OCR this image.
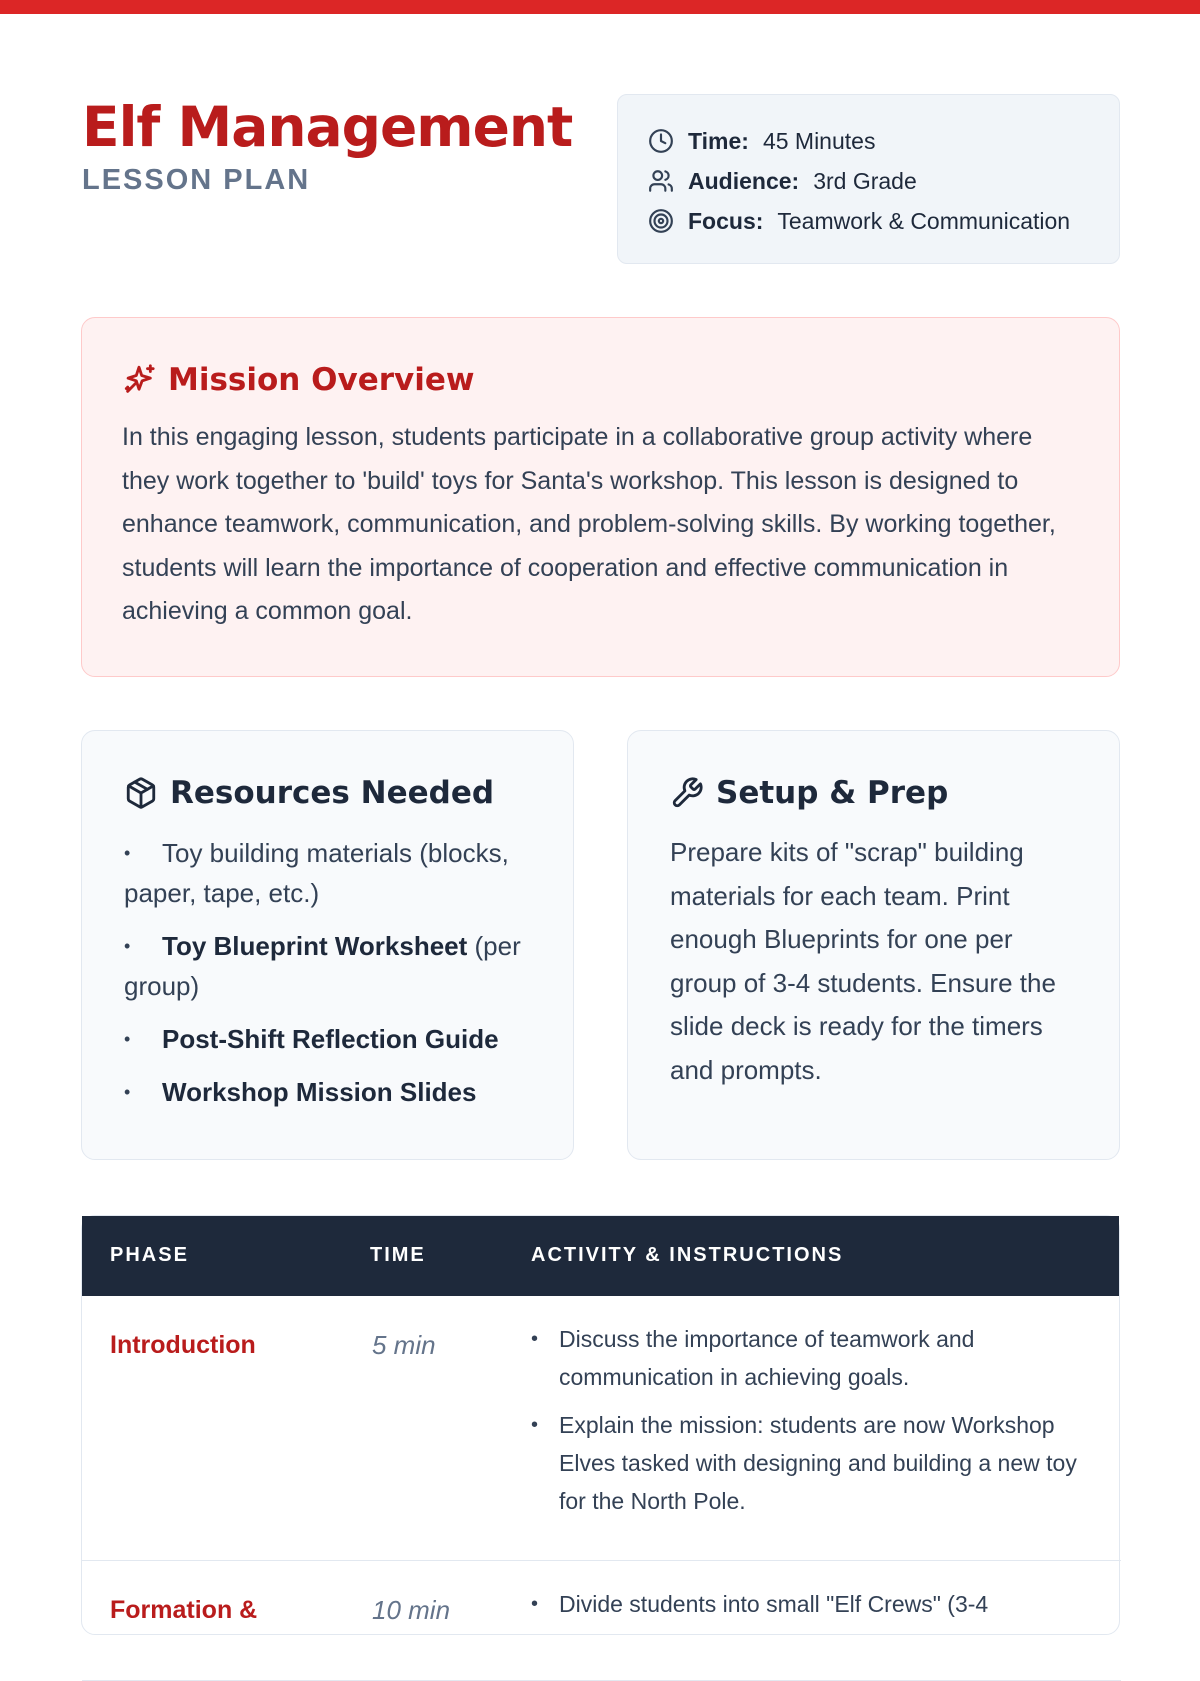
Elf Management
LESSON PLAN
Time: 45 Minutes
Audience: 3rd Grade
Focus: Teamwork & Communication
Mission Overview

In this engaging lesson, students participate in a collaborative group activity where they work together to 'build' toys for Santa's workshop. This lesson is designed to enhance teamwork, communication, and problem-solving skills. By working together, students will learn the importance of cooperation and effective communication in achieving a common goal.

Resources Needed
• Toy building materials (blocks, paper, tape, etc.)
• Toy Blueprint Worksheet (per group)
• Post-Shift Reflection Guide
• Workshop Mission Slides
Setup & Prep

Prepare kits of "scrap" building materials for each team. Print enough Blueprints for one per group of 3-4 students. Ensure the slide deck is ready for the timers and prompts.

PHASE	TIME	ACTIVITY & INSTRUCTIONS
Introduction	5 min	• Discuss the importance of teamwork and communication in achieving goals.
• Explain the mission: students are now Workshop Elves tasked with designing and building a new toy for the North Pole.
Formation &	10 min	• Divide students into small "Elf Crews" (3-4
